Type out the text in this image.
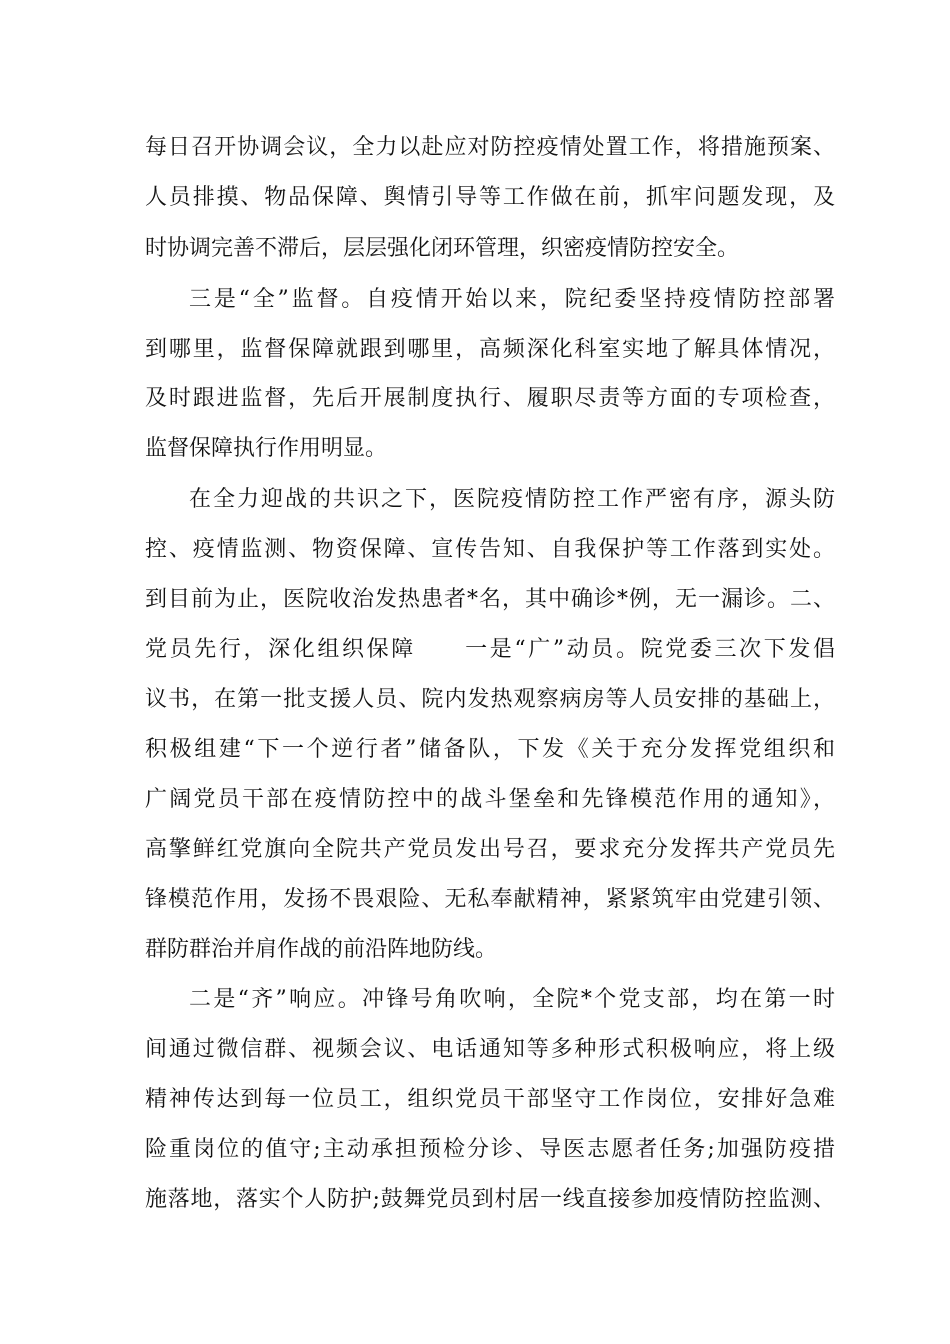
每日召开协调会议，全力以赴应对防控疫情处置工作，将措施预案、
人员排摸、物品保障、舆情引导等工作做在前，抓牢问题发现，及
时协调完善不滞后，层层强化闭环管理，织密疫情防控安全。
三是“全”监督。自疫情开始以来，院纪委坚持疫情防控部署
到哪里，监督保障就跟到哪里，高频深化科室实地了解具体情况，
及时跟进监督，先后开展制度执行、履职尽责等方面的专项检查，
监督保障执行作用明显。
在全力迎战的共识之下，医院疫情防控工作严密有序，源头防
控、疫情监测、物资保障、宣传告知、自我保护等工作落到实处。
到目前为止，医院收治发热患者*名，其中确诊*例，无一漏诊。二、
党员先行，深化组织保障　　一是“广”动员。院党委三次下发倡
议书，在第一批支援人员、院内发热观察病房等人员安排的基础上，
积极组建“下一个逆行者”储备队，下发《关于充分发挥党组织和
广阔党员干部在疫情防控中的战斗堡垒和先锋模范作用的通知》，
高擎鲜红党旗向全院共产党员发出号召，要求充分发挥共产党员先
锋模范作用，发扬不畏艰险、无私奉献精神，紧紧筑牢由党建引领、
群防群治并肩作战的前沿阵地防线。
二是“齐”响应。冲锋号角吹响，全院*个党支部，均在第一时
间通过微信群、视频会议、电话通知等多种形式积极响应，将上级
精神传达到每一位员工，组织党员干部坚守工作岗位，安排好急难
险重岗位的值守;主动承担预检分诊、导医志愿者任务;加强防疫措
施落地，落实个人防护;鼓舞党员到村居一线直接参加疫情防控监测、
